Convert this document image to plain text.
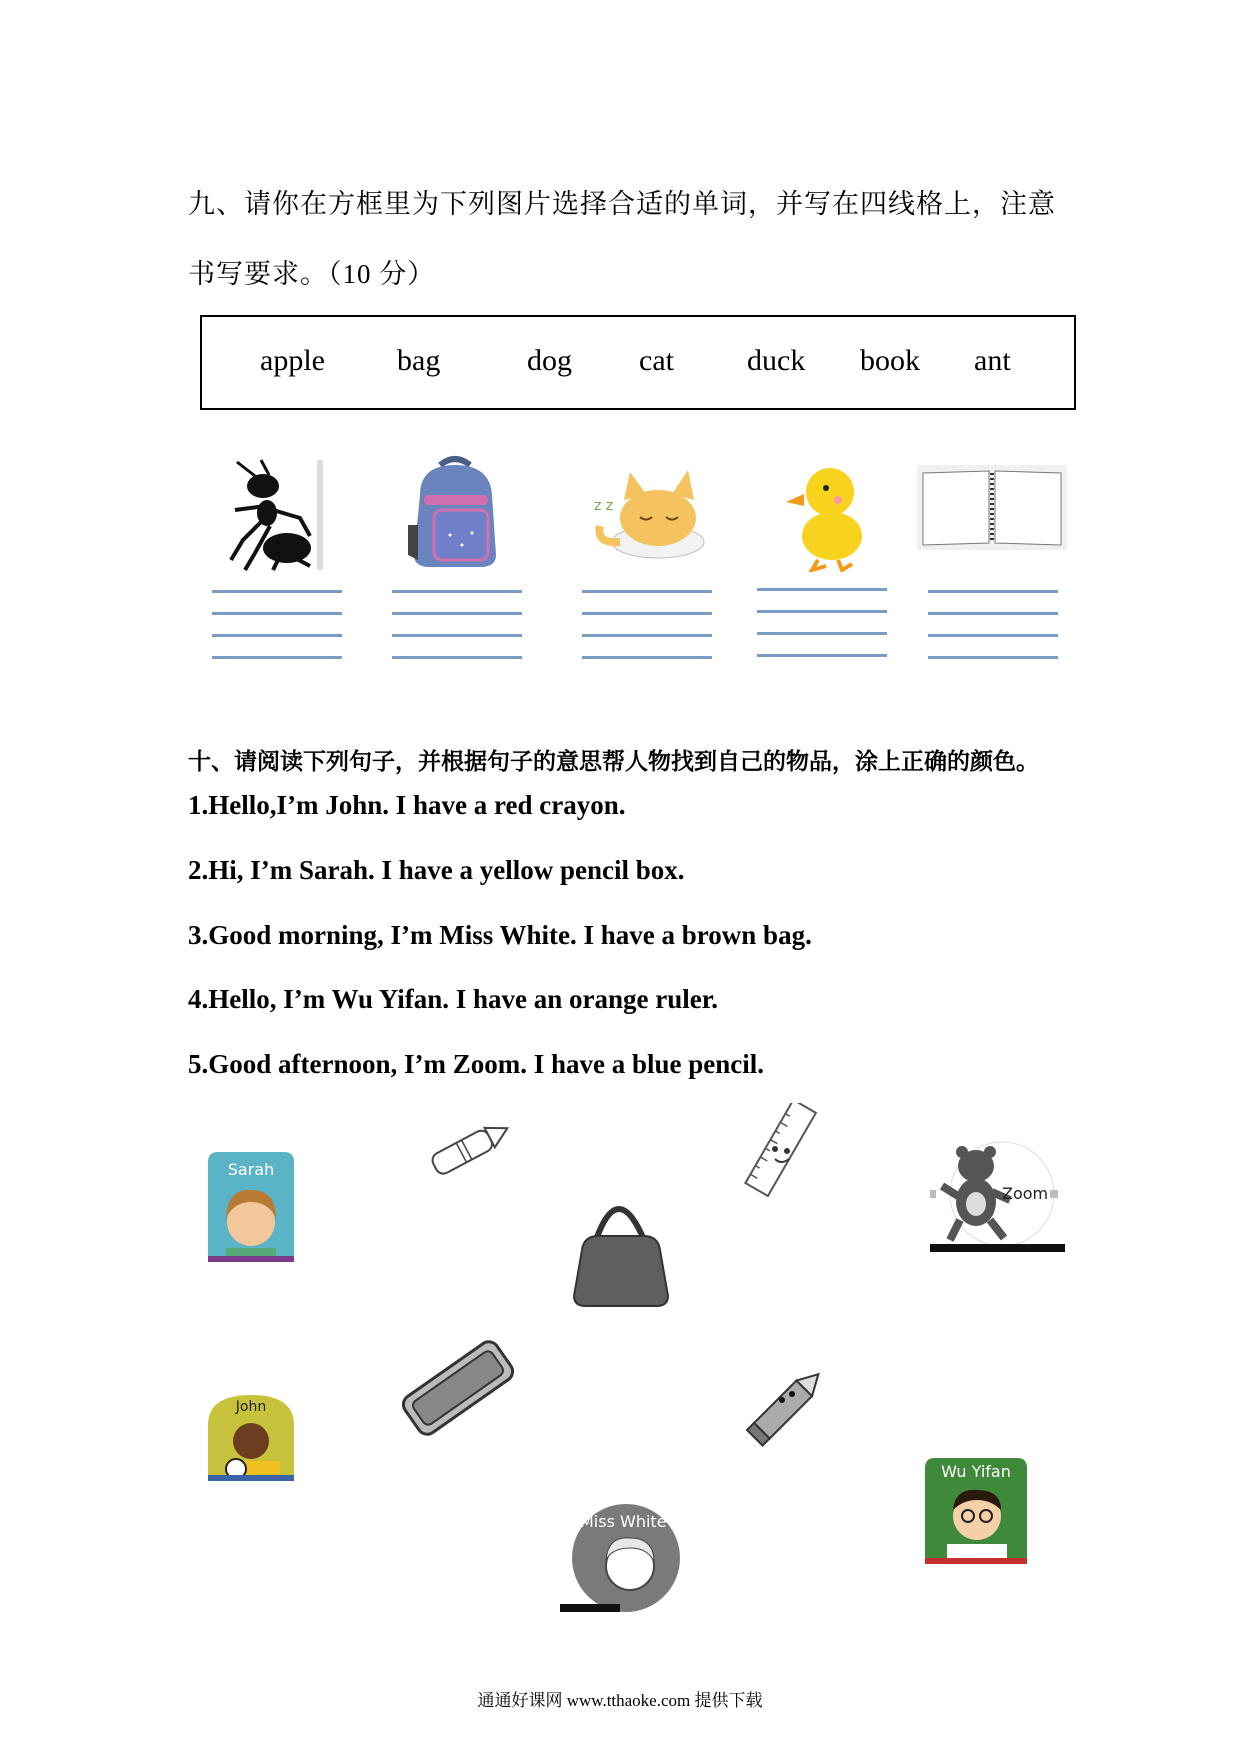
九、请你在方框里为下列图片选择合适的单词，并写在四线格上，注意
书写要求。（10 分）
apple bag	dog cat duck book ant
z z
十、请阅读下列句子，并根据句子的意思帮人物找到自己的物品，涂上正确的颜色。
1.Hello,I’m John. I have a red crayon.
2.Hi, I’m Sarah. I have a yellow pencil box.
3.Good morning, I’m Miss White. I have a brown bag.
4.Hello, I’m Wu Yifan. I have an orange ruler.
5.Good afternoon, I’m Zoom. I have a blue pencil.
Sarah
Zoom
John
Wu Yifan
Miss White
通通好课网 www.tthaoke.com 提供下载
